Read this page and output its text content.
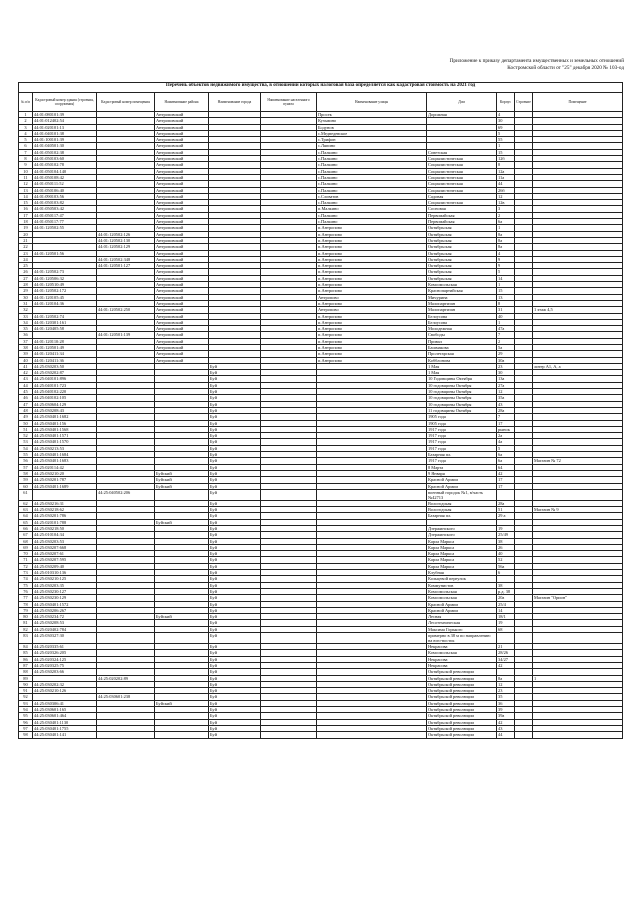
Приложение к приказу департамента имущественных и земельных отношений
Костромской области от "25" декабря 2020 № 103-од
Перечень объектов недвижимого имущества, в отношении которых налоговая база определяется как кадастровая стоимость на 2021 год										
№ п/п	Кадастровый номер здания (строения, сооружения)	Кадастровый номер помещения	Наименование района	Наименование города	Наименование населенного пункта	Наименование улицы	Дом	Корпус	Строение	Помещение
1	44:01:080101:39		Антроповский			Просек	Дорожная	4		
2	44:01:012402:54		Антроповский			Кузьмино		30		
3	44:01:020101:13		Антроповский			Бодунов		69		
4	44:01:040101:38		Антроповский			с.Медведевское		5		
5	44:01:100101:39		Антроповский			с.Трифон		55		
6	44:01:040501:30		Антроповский			с.Ляпино		1		
7	44:01:050102:38		Антроповский			с.Палкино	Советская	15		
8	44:01:050103:60		Антроповский			с.Палкино	Социалистическая	12б		
9	44:01:050102:78		Антроповский			с.Палкино	Социалистическая	8		
10	44:01:050104:140		Антроповский			с.Палкино	Социалистическая	12а		
11	44:01:050108:42		Антроповский			с.Палкино	Социалистическая	11а		
12	44:01:050111:52		Антроповский			с.Палкино	Социалистическая	44		
13	44:01:050106:40		Антроповский			с.Палкино	Социалистическая	26б		
14	44:01:090103:56		Антроповский			с.Словатов	Садовая	12		
15	44:01:050103:82		Антроповский			с.Палкино	Социалистическая	12в		
16	44:01:050503:42		Антроповский			п.Малкино	Сосновая	3		
17	44:01:050117:47		Антроповский			с.Палкино	Первомайская	2		
18	44:01:050117:77		Антроповский			с.Палкино	Первомайская	6а		
19	44:01:120502:55		Антроповский			п.Антропово	Октябрьская	1		
20		44:01:120502:126	Антроповский			п.Антропово	Октябрьская	8а		
21		44:01:120502:130	Антроповский			п.Антропово	Октябрьская	8а		
22		44:01:120502:129	Антроповский			п.Антропово	Октябрьская	8а		
23	44:01:120501:56		Антроповский			п.Антропово	Октябрьская	4		
24		44:01:120502:348	Антроповский			п.Антропово	Октябрьская	9		
25		44:01:120501:127	Антроповский			п.Антропово	Октябрьская	9		
26	44:01:120502:73		Антроповский			п.Антропово	Октябрьская	5		
27	44:01:120506:32		Антроповский			п.Антропово	Октябрьская	14		
28	44:01:120510:49		Антроповский			п.Антропово	Комсомольская	1		
29	44:01:120502:172		Антроповский			п.Антропово	Краснопартийская	15		
30	44:01:120105:45		Антроповский			Антропово	Мичурина	13		
31	44:01:120104:36		Антроповский			п.Антропово	Малопартизан	8		
32		44:01:120502:250	Антроповский			Антропово	Малопартизан	31		1 этаж 4,5
33	44:01:120502:74		Антроповский			п.Антропово	Белоусова	40		
34	44:01:120301:161		Антроповский			п.Антропово	Белоусова	1		
35	44:01:120405:58		Антроповский			п.Антропово	Молодежная	47а		
36		44:01:120501:139	Антроповский			п.Антропово	Свободы	7		
37	44:01:120110:28		Антроповский			п.Антропово	Привал	2		
38	44:01:120501:49		Антроповский			п.Антропово	Башмакова	5а		
39	44:01:120411:34		Антроповский			п.Антропово	Пролетарская	29		
40	44:01:120411:36		Антроповский			п.Антропово	Кобблонова	30а		
41	44:25:030203:50			Буй			1 Мая	23		литер А1, А, а
42	44:25:030202:87			Буй			1 Мая	30		
43	44:25:040101:896			Буй			10 Годовщины Октября	13а		
44	44:25:040101:723			Буй			10 годовщины Октября	27а		
45	44:25:040102:220			Буй			10 годовщины Октября	12		
46	44:25:040102:105			Буй			10 годовщины Октября	35а		
47	44:25:030604:129			Буй			10 годовщины Октября	43		
48	44:25:030208:43			Буй			11 годовщины Октября	28а		
49	44:25:030401:1682			Буй			1905 года	7		
50	44:25:030401:156			Буй			1905 года	17		
51	44:25:030401:1568			Буй			1917 года	рынок		
52	44:25:030401:1571			Буй			1917 года	2а		
53	44:25:030401:1570			Буй			1917 года	4а		
54	44:25:030213:53			Буй			1917 года	5		
55	44:25:030401:1684			Буй			Базарная пл.	6а		
56	44:25:030401:1683			Буй			1917 года	6а		Магазин № 72
57	44:25:020114:42			Буй			8 Марта	64		
58	44:25:030210:20		Буйский	Буй			9 Января	42		
59	44:25:030201:787		Буйский	Буй			Красной Армии	17		
60	44:25:030401:1689		Буйский	Буй			Красной Армии	17		
61		44:25:040502:206		Буй			военный городок №1, в/часть №42713			
62	44:25:030216:31			Буй			Вологодская	28а		
63	44:25:030218:62			Буй			Вологодская	51		Магазин № 9
64	44:25:030201:786			Буй			Базарная пл.	29 а		
65	44:25:020101:788		Буйский	Буй						
66	44:25:030218:50			Буй			Дзержинского	19		
67	44:25:010104:34			Буй			Дзержинского	25/49		
68	44:25:030203:53			Буй			Карла Маркса	38		
69	44:25:030207:668			Буй			Карла Маркса	26		
70	44:25:030207:61			Буй			Карла Маркса	40		
71	44:25:030207:595			Буй			Карла Маркса	52		
72	44:25:030209:40			Буй			Карла Маркса	56а		
73	44:25:010310:136			Буй			Клубная	6		
74	44:25:030210:125			Буй			Кольцевой переулок			
75	44:25:030203:35			Буй			Коммунистов	38		
76	44:25:030230:127			Буй			Комсомольская	р.д. 38		
77	44:25:030230:129			Буй			Комсомольская	20а		Магазин "Орион"
78	44:25:030401:1572			Буй			Красной Армии	25/4		
79	44:25:030206:267			Буй			Красной Армии	14		
80	44:25:030234:72		Буйский	Буй			Лесная	18/1		
81	44:25:030208:53			Буй			Лесотехническая	19		
82	44:25:020402:784			Буй			Максима Горького	68		
83	44:25:030327:30			Буй			примерно в 38 м по направлению на юго-восток			
84	44:25:020335:61			Буй			Некрасова	21		
85	44:25:020326:205			Буй			Комсомольская	28/26		
86	44:25:020324:125			Буй			Некрасова	34/27		
87	44:25:020325:75			Буй			Некрасова	42		
88	44:25:030203:66			Буй			Октябрьской революции			
89		44:25:020202:89		Буй			Октябрьской революции	8а		1
90	44:25:030202:32			Буй			Октябрьской революции	12		
91	44:25:030210:126			Буй			Октябрьской революции	23		
92		44:25:030601:238		Буй			Октябрьской революции	35		
93	44:25:030306:41		Буйский	Буй			Октябрьской революции	36		
94	44:25:030601:165			Буй			Октябрьской революции	39		
95	44:25:030601:464			Буй			Октябрьской революции	39а		
96	44:25:030401:1130			Буй			Октябрьской революции	42		
97	44:25:030401:1755			Буй			Октябрьской революции	43		
98	44:25:030401:141			Буй			Октябрьской революции	44		
